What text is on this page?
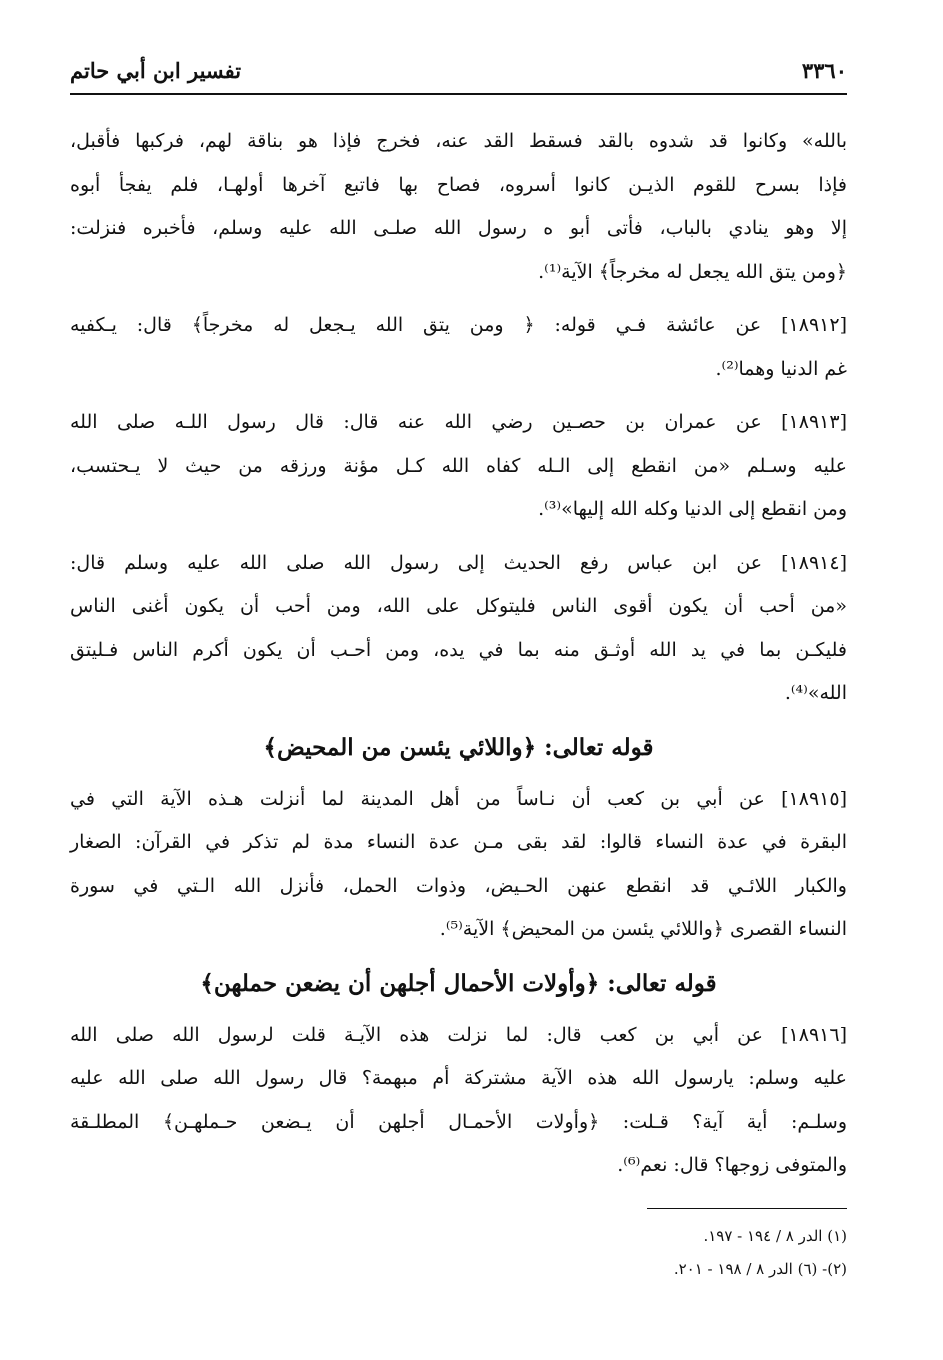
٣٣٦٠
تفسير ابن أبي حاتم
بالله» وكانوا قد شدوه بالقد فسقط القد عنه، فخرج فإذا هو بناقة لهم، فركبها فأقبل،
فإذا بسرح للقوم الذيـن كانوا أسروه، فصاح بها فاتبع آخرها أولهـا، فلم يفجأ أبوه
إلا وهو ينادي بالباب، فأتى أبو ه رسول الله صلـى الله عليه وسلم، فأخبره فنزلت:
﴿ومن يتق الله يجعل له مخرجاً﴾ الآية⁽¹⁾.
[١٨٩١٢] عن عائشة فـي قوله: ﴿ ومن يتق الله يـجعل له مخرجاً﴾ قال: يـكفيه
غم الدنيا وهما⁽²⁾.
[١٨٩١٣] عن عمران بن حصـين رضي الله عنه قال: قال رسول اللـه صلى الله
عليه وسـلم «من انقطع إلى الـله كفاه الله كـل مؤنة ورزقه من حيث لا يـحتسب،
ومن انقطع إلى الدنيا وكله الله إليها»⁽³⁾.
[١٨٩١٤] عن ابن عباس رفع الحديث إلى رسول الله صلى الله عليه وسلم قال:
«من أحب أن يكون أقوى الناس فليتوكل على الله، ومن أحب أن يكون أغنى الناس
فليكـن بما في يد الله أوثـق منه بما في يده، ومن أحـب أن يكون أكرم الناس فـليتق
الله»⁽⁴⁾.
قوله تعالى: ﴿واللائي يئسن من المحيض﴾
[١٨٩١٥] عن أبي بن كعب أن نـاساً من أهل المدينة لما أنزلت هـذه الآية التي في
البقرة في عدة النساء قالوا: لقد بقى مـن عدة النساء مدة لم تذكر في القرآن: الصغار
والكبار اللائـي قد انقطع عنهن الحـيض، وذوات الحمل، فأنزل الله الـتي في سورة
النساء القصرى ﴿واللائي يئسن من المحيض﴾ الآية⁽⁵⁾.
قوله تعالى: ﴿وأولات الأحمال أجلهن أن يضعن حملهن﴾
[١٨٩١٦] عن أبي بن كعب قال: لما نزلت هذه الآيـة قلت لرسول الله صلى الله
عليه وسلم: يارسول الله هذه الآية مشتركة أم مبهمة؟ قال رسول الله صلى الله عليه
وسلـم: أية آية؟ قـلت: ﴿وأولات الأحمـال أجلهن أن يـضعن حـملهـن﴾ المطلـقة
والمتوفى زوجها؟ قال: نعم⁽⁶⁾.
(١) الدر ٨ / ١٩٤ - ١٩٧.
(٢)- (٦) الدر ٨ / ١٩٨ - ٢٠١.
